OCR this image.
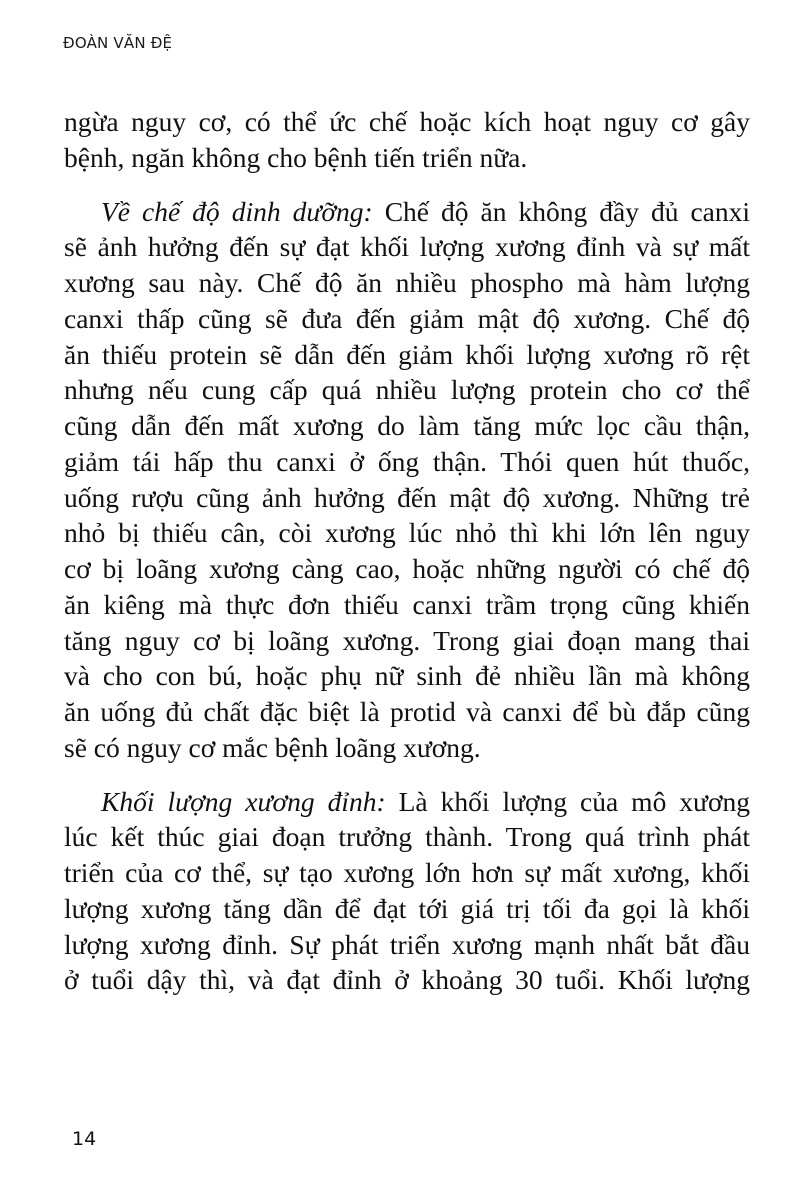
ĐOÀN VĂN ĐỆ
ngừa nguy cơ, có thể ức chế hoặc kích hoạt nguy cơ gây
bệnh, ngăn không cho bệnh tiến triển nữa.
Về chế độ dinh dưỡng: Chế độ ăn không đầy đủ canxi
sẽ ảnh hưởng đến sự đạt khối lượng xương đỉnh và sự mất
xương sau này. Chế độ ăn nhiều phospho mà hàm lượng
canxi thấp cũng sẽ đưa đến giảm mật độ xương. Chế độ
ăn thiếu protein sẽ dẫn đến giảm khối lượng xương rõ rệt
nhưng nếu cung cấp quá nhiều lượng protein cho cơ thể
cũng dẫn đến mất xương do làm tăng mức lọc cầu thận,
giảm tái hấp thu canxi ở ống thận. Thói quen hút thuốc,
uống rượu cũng ảnh hưởng đến mật độ xương. Những trẻ
nhỏ bị thiếu cân, còi xương lúc nhỏ thì khi lớn lên nguy
cơ bị loãng xương càng cao, hoặc những người có chế độ
ăn kiêng mà thực đơn thiếu canxi trầm trọng cũng khiến
tăng nguy cơ bị loãng xương. Trong giai đoạn mang thai
và cho con bú, hoặc phụ nữ sinh đẻ nhiều lần mà không
ăn uống đủ chất đặc biệt là protid và canxi để bù đắp cũng
sẽ có nguy cơ mắc bệnh loãng xương.
Khối lượng xương đỉnh: Là khối lượng của mô xương
lúc kết thúc giai đoạn trưởng thành. Trong quá trình phát
triển của cơ thể, sự tạo xương lớn hơn sự mất xương, khối
lượng xương tăng dần để đạt tới giá trị tối đa gọi là khối
lượng xương đỉnh. Sự phát triển xương mạnh nhất bắt đầu
ở tuổi dậy thì, và đạt đỉnh ở khoảng 30 tuổi. Khối lượng
14
